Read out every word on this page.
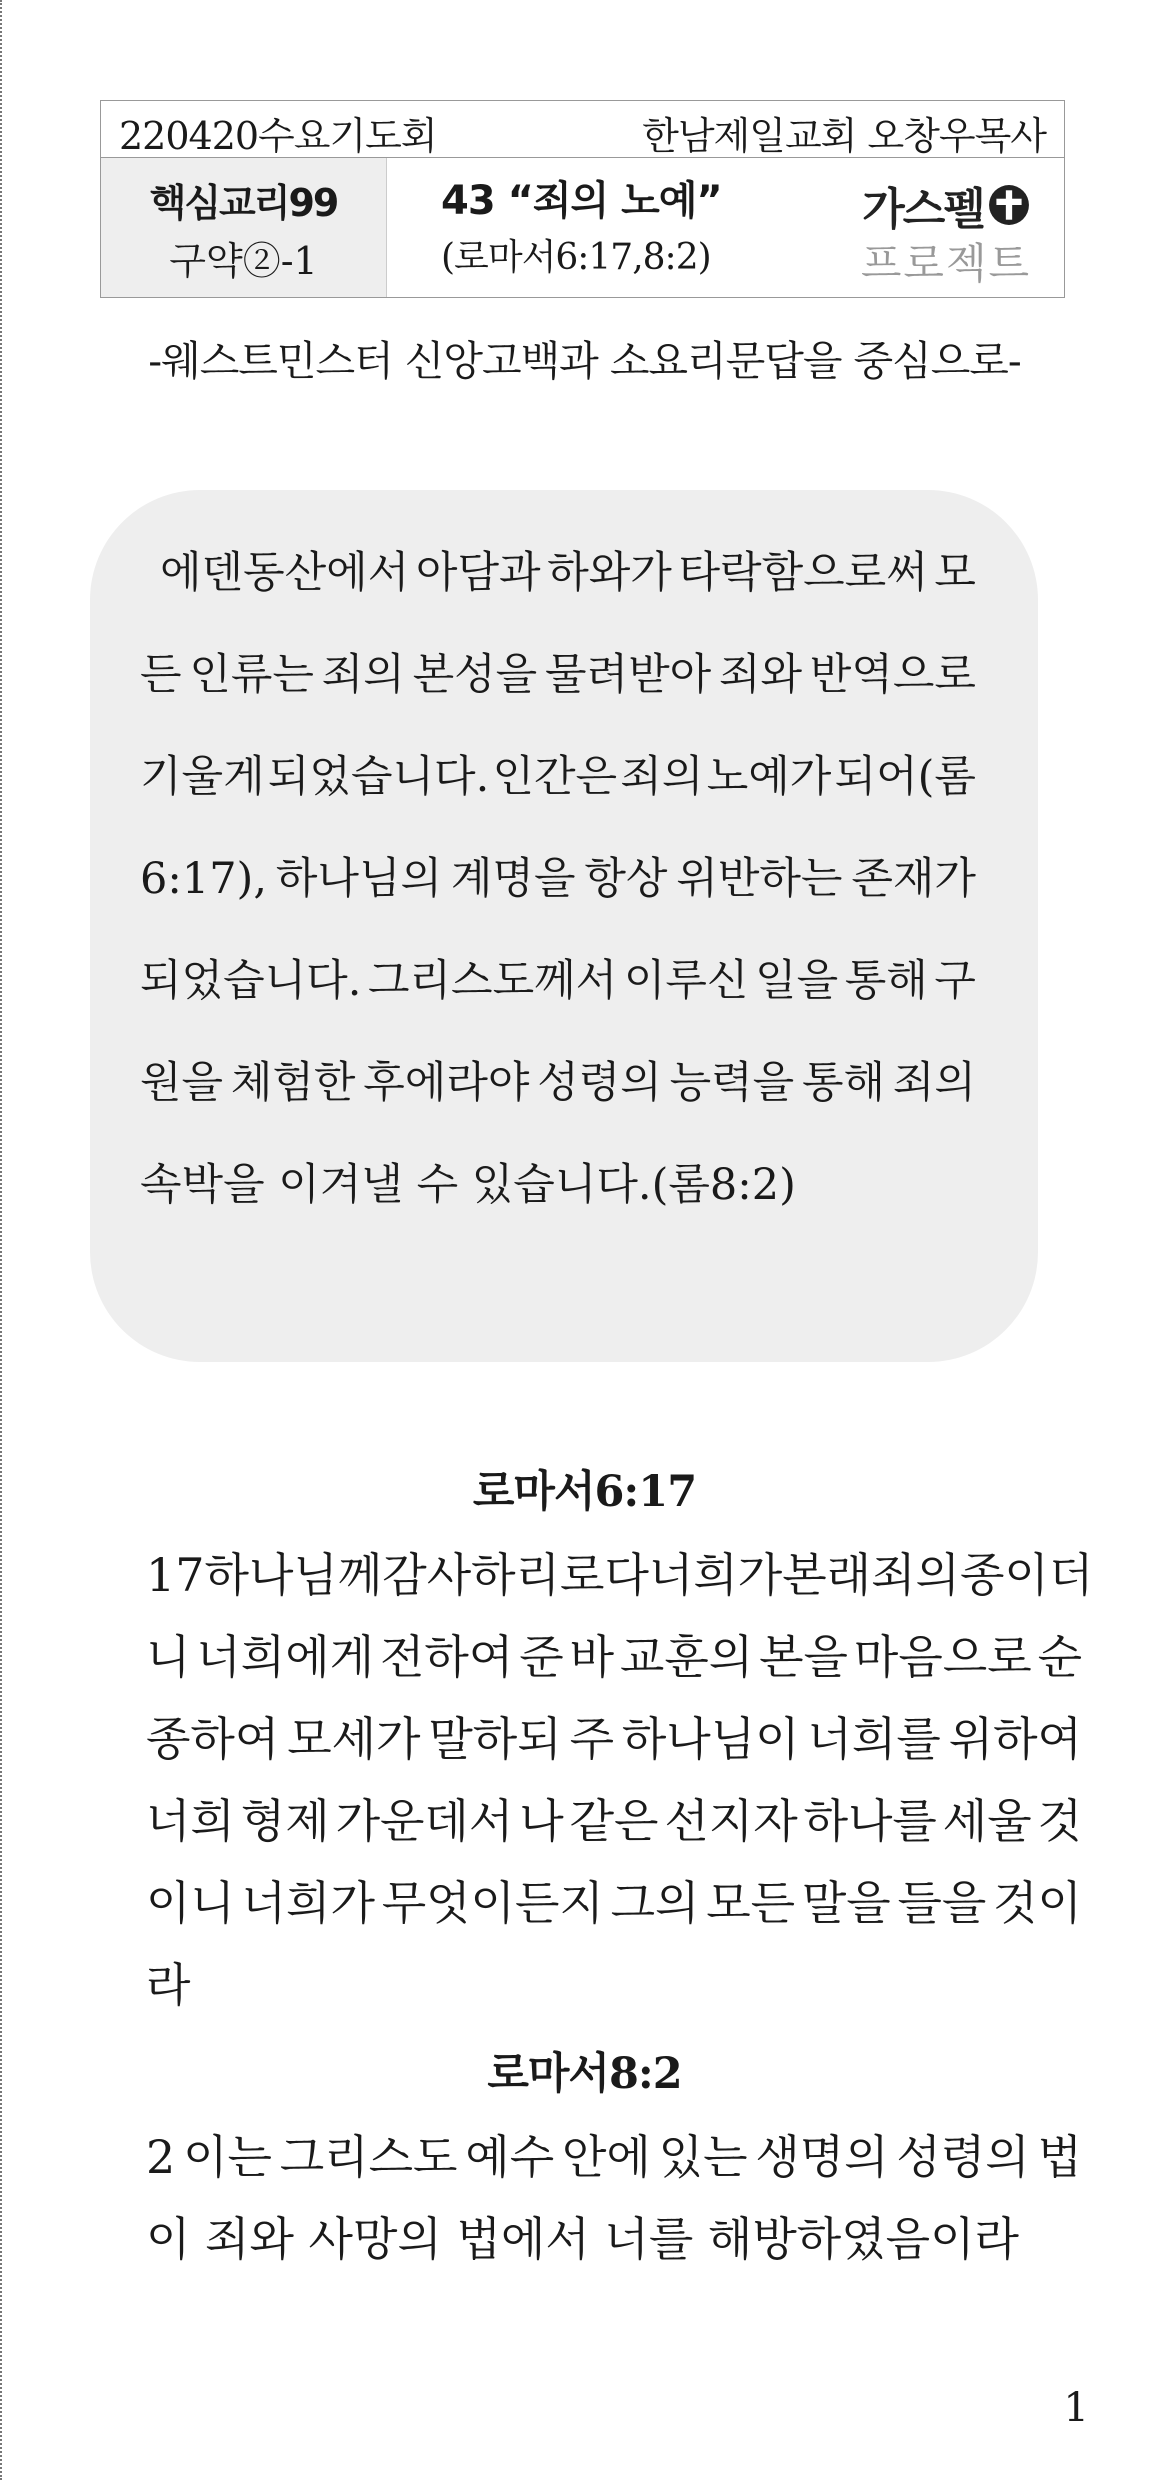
220420수요기도회	한남제일교회 오창우목사
핵심교리99
구약②-1
43 “죄의 노예”
(로마서6:17,8:2)
가스펠
프로젝트
-웨스트민스터 신앙고백과 소요리문답을 중심으로-
에덴동산에서 아담과 하와가 타락함으로써 모
든 인류는 죄의 본성을 물려받아 죄와 반역으로
기울게 되었습니다. 인간은 죄의 노예가 되어(롬
6:17), 하나님의 계명을 항상 위반하는 존재가
되었습니다. 그리스도께서 이루신 일을 통해 구
원을 체험한 후에라야 성령의 능력을 통해 죄의
속박을 이겨낼 수 있습니다.(롬8:2)
로마서6:17
17 하나님께 감사하리로다 너희가 본래 죄의 종이더
니 너희에게 전하여 준 바 교훈의 본을 마음으로 순
종하여 모세가 말하되 주 하나님이 너희를 위하여
너희 형제 가운데서 나 같은 선지자 하나를 세울 것
이니 너희가 무엇이든지 그의 모든 말을 들을 것이
라
로마서8:2
2 이는 그리스도 예수 안에 있는 생명의 성령의 법
이 죄와 사망의 법에서 너를 해방하였음이라
1
